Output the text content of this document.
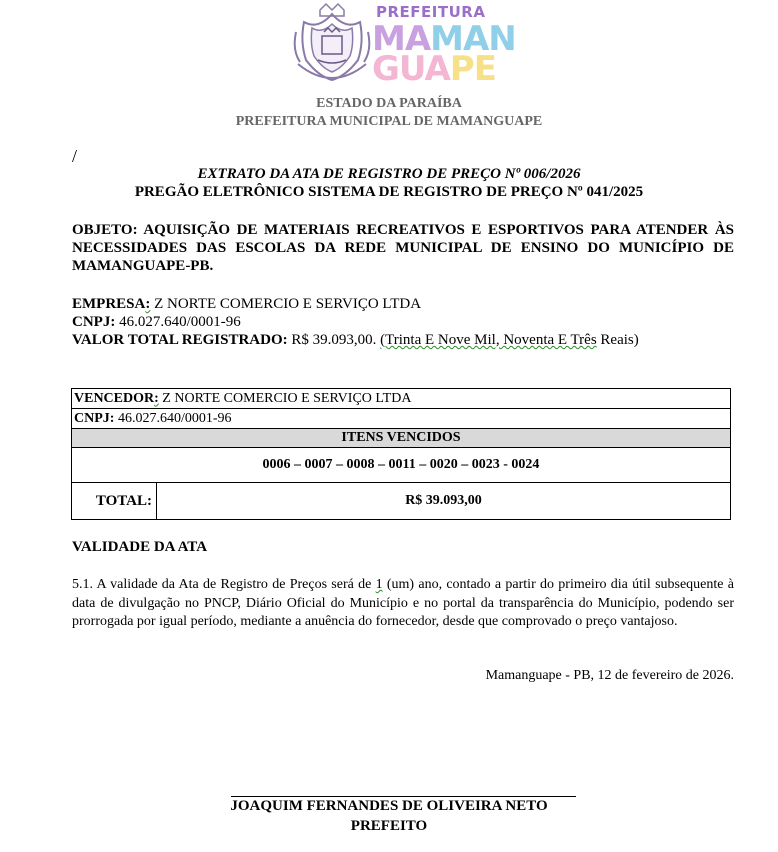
PREFEITURA
MAMAN
GUAPE
ESTADO DA PARAÍBA
PREFEITURA MUNICIPAL DE MAMANGUAPE
/
EXTRATO DA ATA DE REGISTRO DE PREÇO Nº 006/2026
PREGÃO ELETRÔNICO SISTEMA DE REGISTRO DE PREÇO Nº 041/2025
OBJETO: AQUISIÇÃO DE MATERIAIS RECREATIVOS E ESPORTIVOS PARA ATENDER ÀS NECESSIDADES DAS ESCOLAS DA REDE MUNICIPAL DE ENSINO DO MUNICÍPIO DE MAMANGUAPE-PB.
EMPRESA: Z NORTE COMERCIO E SERVIÇO LTDA
CNPJ: 46.027.640/0001-96
VALOR TOTAL REGISTRADO: R$ 39.093,00. (Trinta E Nove Mil, Noventa E Três Reais)
VENCEDOR: Z NORTE COMERCIO E SERVIÇO LTDA
CNPJ: 46.027.640/0001-96
ITENS VENCIDOS
0006 – 0007 – 0008 – 0011 – 0020 – 0023 - 0024
TOTAL:	R$ 39.093,00
VALIDADE DA ATA
5.1. A validade da Ata de Registro de Preços será de 1 (um) ano, contado a partir do primeiro dia útil subsequente à data de divulgação no PNCP, Diário Oficial do Município e no portal da transparência do Município, podendo ser prorrogada por igual período, mediante a anuência do fornecedor, desde que comprovado o preço vantajoso.
Mamanguape - PB, 12 de fevereiro de 2026.
JOAQUIM FERNANDES DE OLIVEIRA NETO
PREFEITO
